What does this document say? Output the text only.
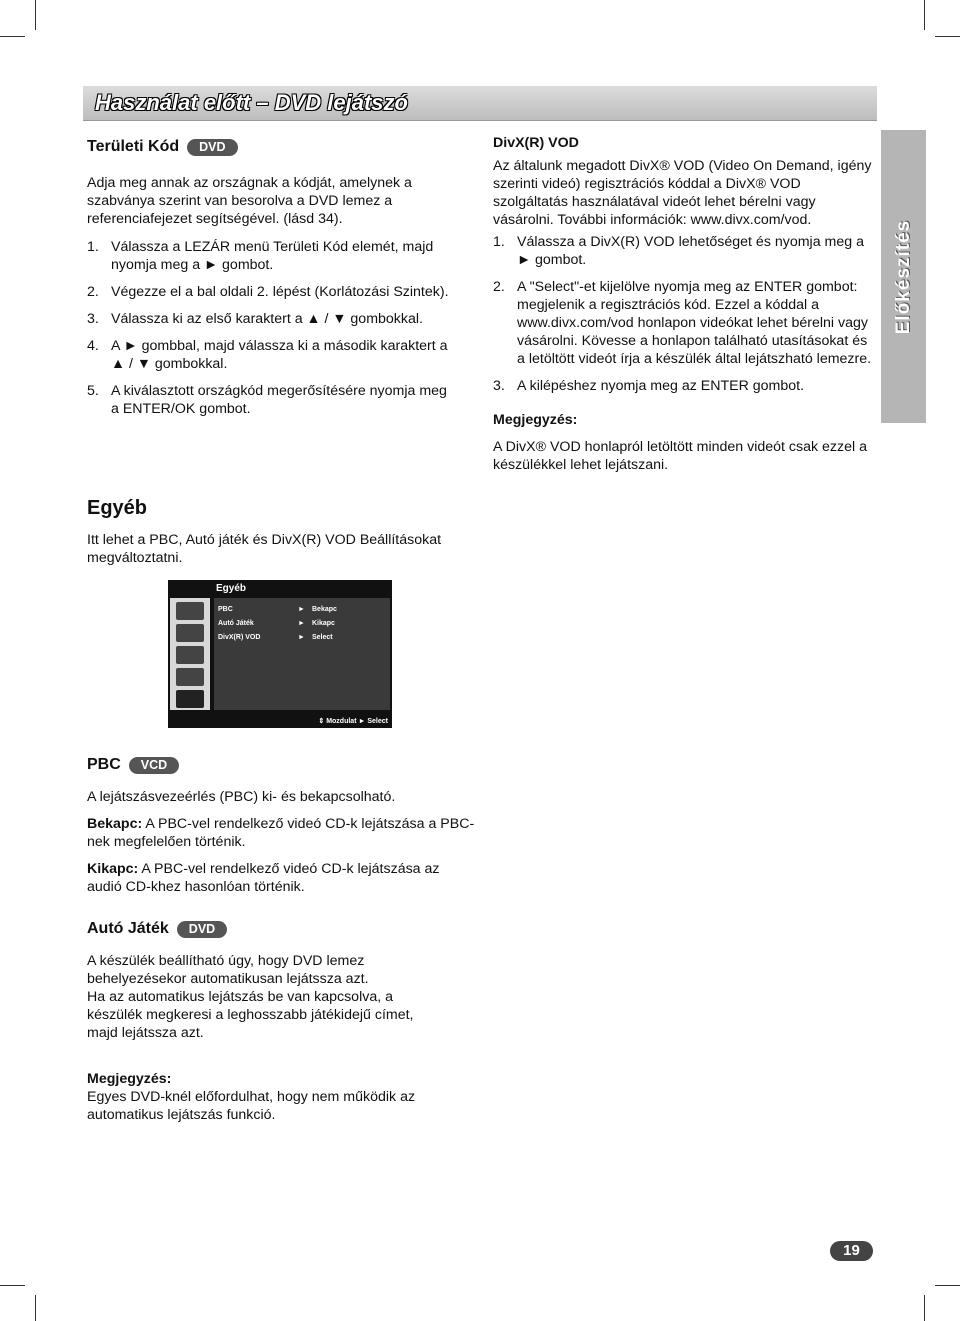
Használat előtt – DVD lejátszó
Előkészítés
Területi Kód	DVD

Adja meg annak az országnak a kódját, amelynek a szabványa szerint van besorolva a DVD lemez a referenciafejezet segítségével. (lásd 34).

1. Válassza a LEZÁR menü Területi Kód elemét, majd nyomja meg a ► gombot.
2. Végezze el a bal oldali 2. lépést (Korlátozási Szintek).
3. Válassza ki az első karaktert a ▲ / ▼ gombokkal.
4. A ► gombbal, majd válassza ki a második karaktert a ▲ / ▼ gombokkal.
5. A kiválasztott országkód megerősítésére nyomja meg a ENTER/OK gombot.
Egyéb

Itt lehet a PBC, Autó játék és DivX(R) VOD Beállításokat megváltoztatni.

Egyéb
PBC	► Bekapc
Autó Játék	► Kikapc
DivX(R) VOD	► Select
⇕ Mozdulat ► Select
PBC	VCD

A lejátszásvezeérlés (PBC) ki- és bekapcsolható.

Bekapc: A PBC-vel rendelkező videó CD-k lejátszása a PBC-nek megfelelően történik.

Kikapc: A PBC-vel rendelkező videó CD-k lejátszása az audió CD-khez hasonlóan történik.

Autó Játék	DVD

A készülék beállítható úgy, hogy DVD lemez behelyezésekor automatikusan lejátssza azt.

Ha az automatikus lejátszás be van kapcsolva, a készülék megkeresi a leghosszabb játékidejű címet, majd lejátssza azt.

Megjegyzés:

Egyes DVD-knél előfordulhat, hogy nem működik az automatikus lejátszás funkció.

DivX(R) VOD

Az általunk megadott DivX® VOD (Video On Demand, igény szerinti videó) regisztrációs kóddal a DivX® VOD szolgáltatás használatával videót lehet bérelni vagy vásárolni. További információk: www.divx.com/vod.

1. Válassza a DivX(R) VOD lehetőséget és nyomja meg a ► gombot.
2. A "Select"-et kijelölve nyomja meg az ENTER gombot: megjelenik a regisztrációs kód. Ezzel a kóddal a www.divx.com/vod honlapon videókat lehet bérelni vagy vásárolni. Kövesse a honlapon található utasításokat és a letöltött videót írja a készülék által lejátszható lemezre.
3. A kilépéshez nyomja meg az ENTER gombot.

Megjegyzés:

A DivX® VOD honlapról letöltött minden videót csak ezzel a készülékkel lehet lejátszani.

19
